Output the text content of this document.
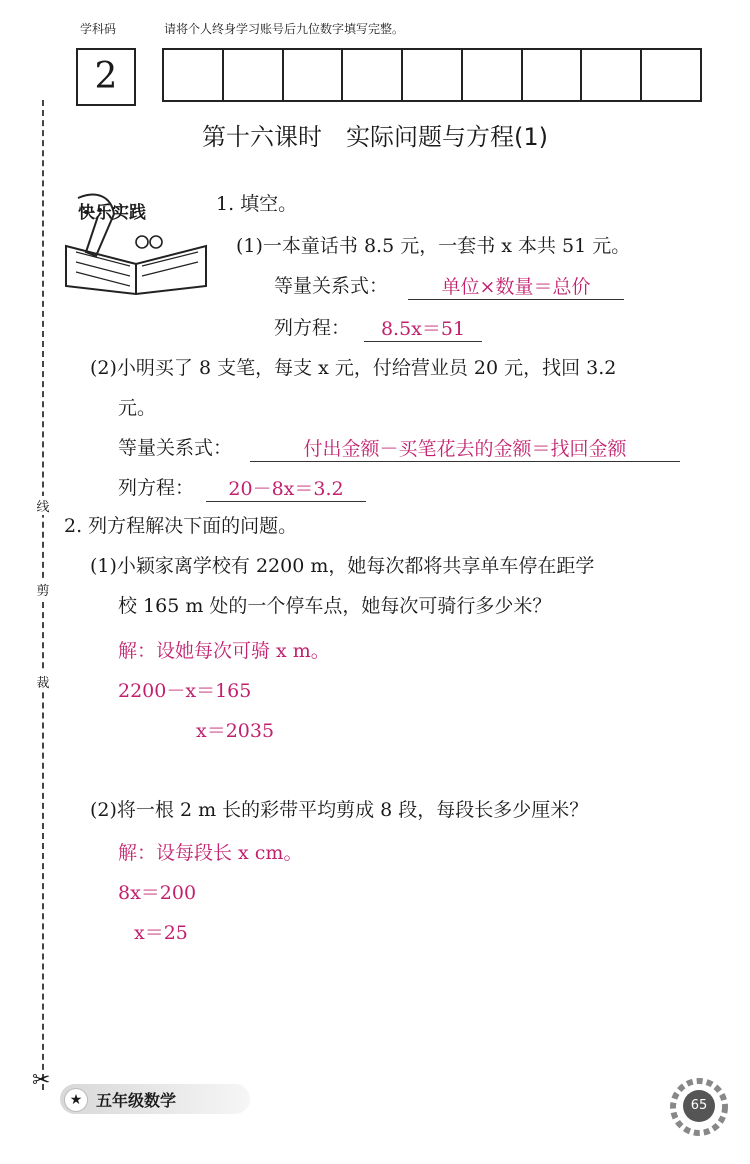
学科码	请将个人终身学习账号后九位数字填写完整。
2
第十六课时　实际问题与方程(1)
线
剪
裁
✂
快乐实践	1. 填空。
(1)一本童话书 8.5 元，一套书 x 本共 51 元。
等量关系式：	单位×数量＝总价
列方程：	8.5x＝51
(2)小明买了 8 支笔，每支 x 元，付给营业员 20 元，找回 3.2
元。
等量关系式：	付出金额－买笔花去的金额＝找回金额
列方程：	20－8x＝3.2
2. 列方程解决下面的问题。
(1)小颖家离学校有 2200 m，她每次都将共享单车停在距学
校 165 m 处的一个停车点，她每次可骑行多少米？
解：设她每次可骑 x m。
2200－x＝165
x＝2035
(2)将一根 2 m 长的彩带平均剪成 8 段，每段长多少厘米？
解：设每段长 x cm。
8x＝200
x＝25
★ 五年级数学	65
